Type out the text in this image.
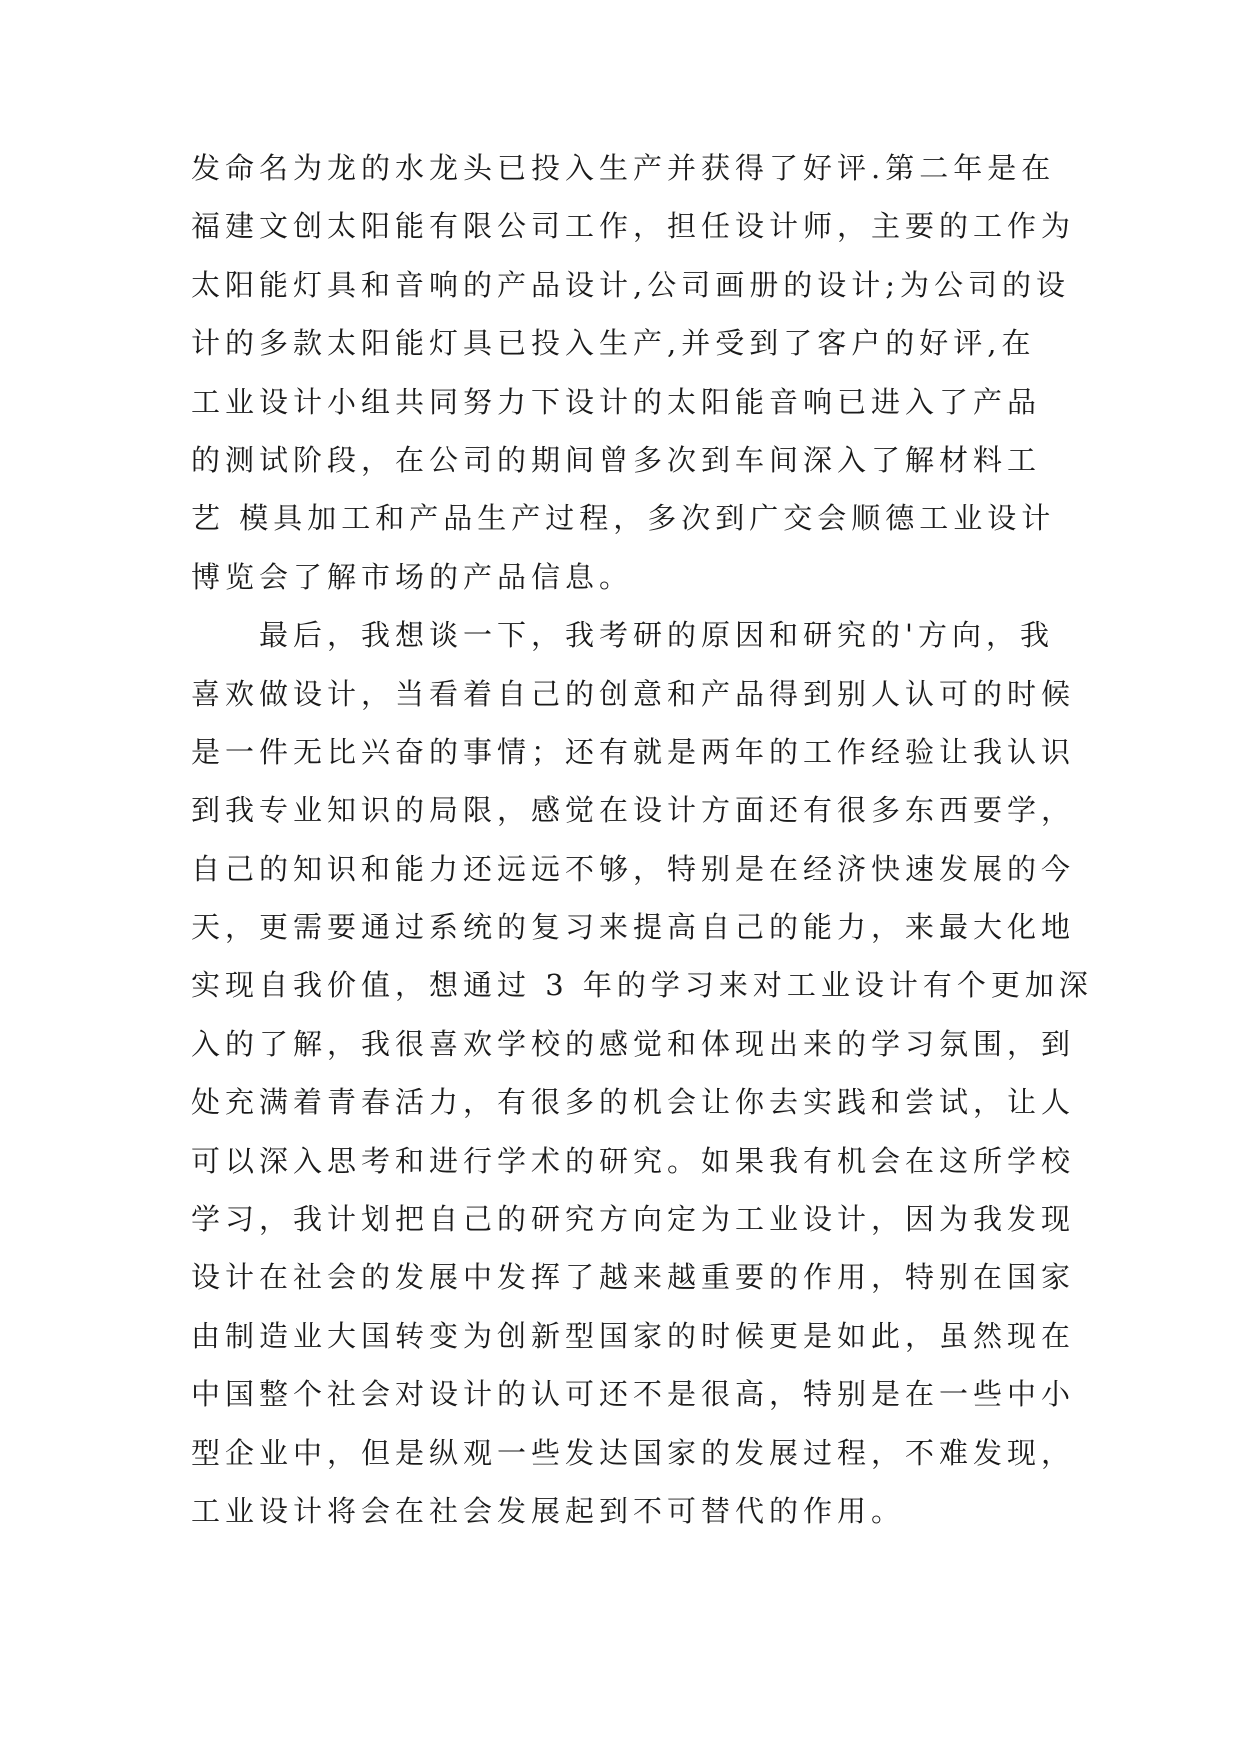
发命名为龙的水龙头已投入生产并获得了好评.第二年是在
福建文创太阳能有限公司工作，担任设计师，主要的工作为
太阳能灯具和音响的产品设计,公司画册的设计;为公司的设
计的多款太阳能灯具已投入生产,并受到了客户的好评,在
工业设计小组共同努力下设计的太阳能音响已进入了产品
的测试阶段，在公司的期间曾多次到车间深入了解材料工
艺 模具加工和产品生产过程，多次到广交会顺德工业设计
博览会了解市场的产品信息。
最后，我想谈一下，我考研的原因和研究的'方向，我
喜欢做设计，当看着自己的创意和产品得到别人认可的时候
是一件无比兴奋的事情；还有就是两年的工作经验让我认识
到我专业知识的局限，感觉在设计方面还有很多东西要学，
自己的知识和能力还远远不够，特别是在经济快速发展的今
天，更需要通过系统的复习来提高自己的能力，来最大化地
实现自我价值，想通过 3 年的学习来对工业设计有个更加深
入的了解，我很喜欢学校的感觉和体现出来的学习氛围，到
处充满着青春活力，有很多的机会让你去实践和尝试，让人
可以深入思考和进行学术的研究。如果我有机会在这所学校
学习，我计划把自己的研究方向定为工业设计，因为我发现
设计在社会的发展中发挥了越来越重要的作用，特别在国家
由制造业大国转变为创新型国家的时候更是如此，虽然现在
中国整个社会对设计的认可还不是很高，特别是在一些中小
型企业中，但是纵观一些发达国家的发展过程，不难发现，
工业设计将会在社会发展起到不可替代的作用。
